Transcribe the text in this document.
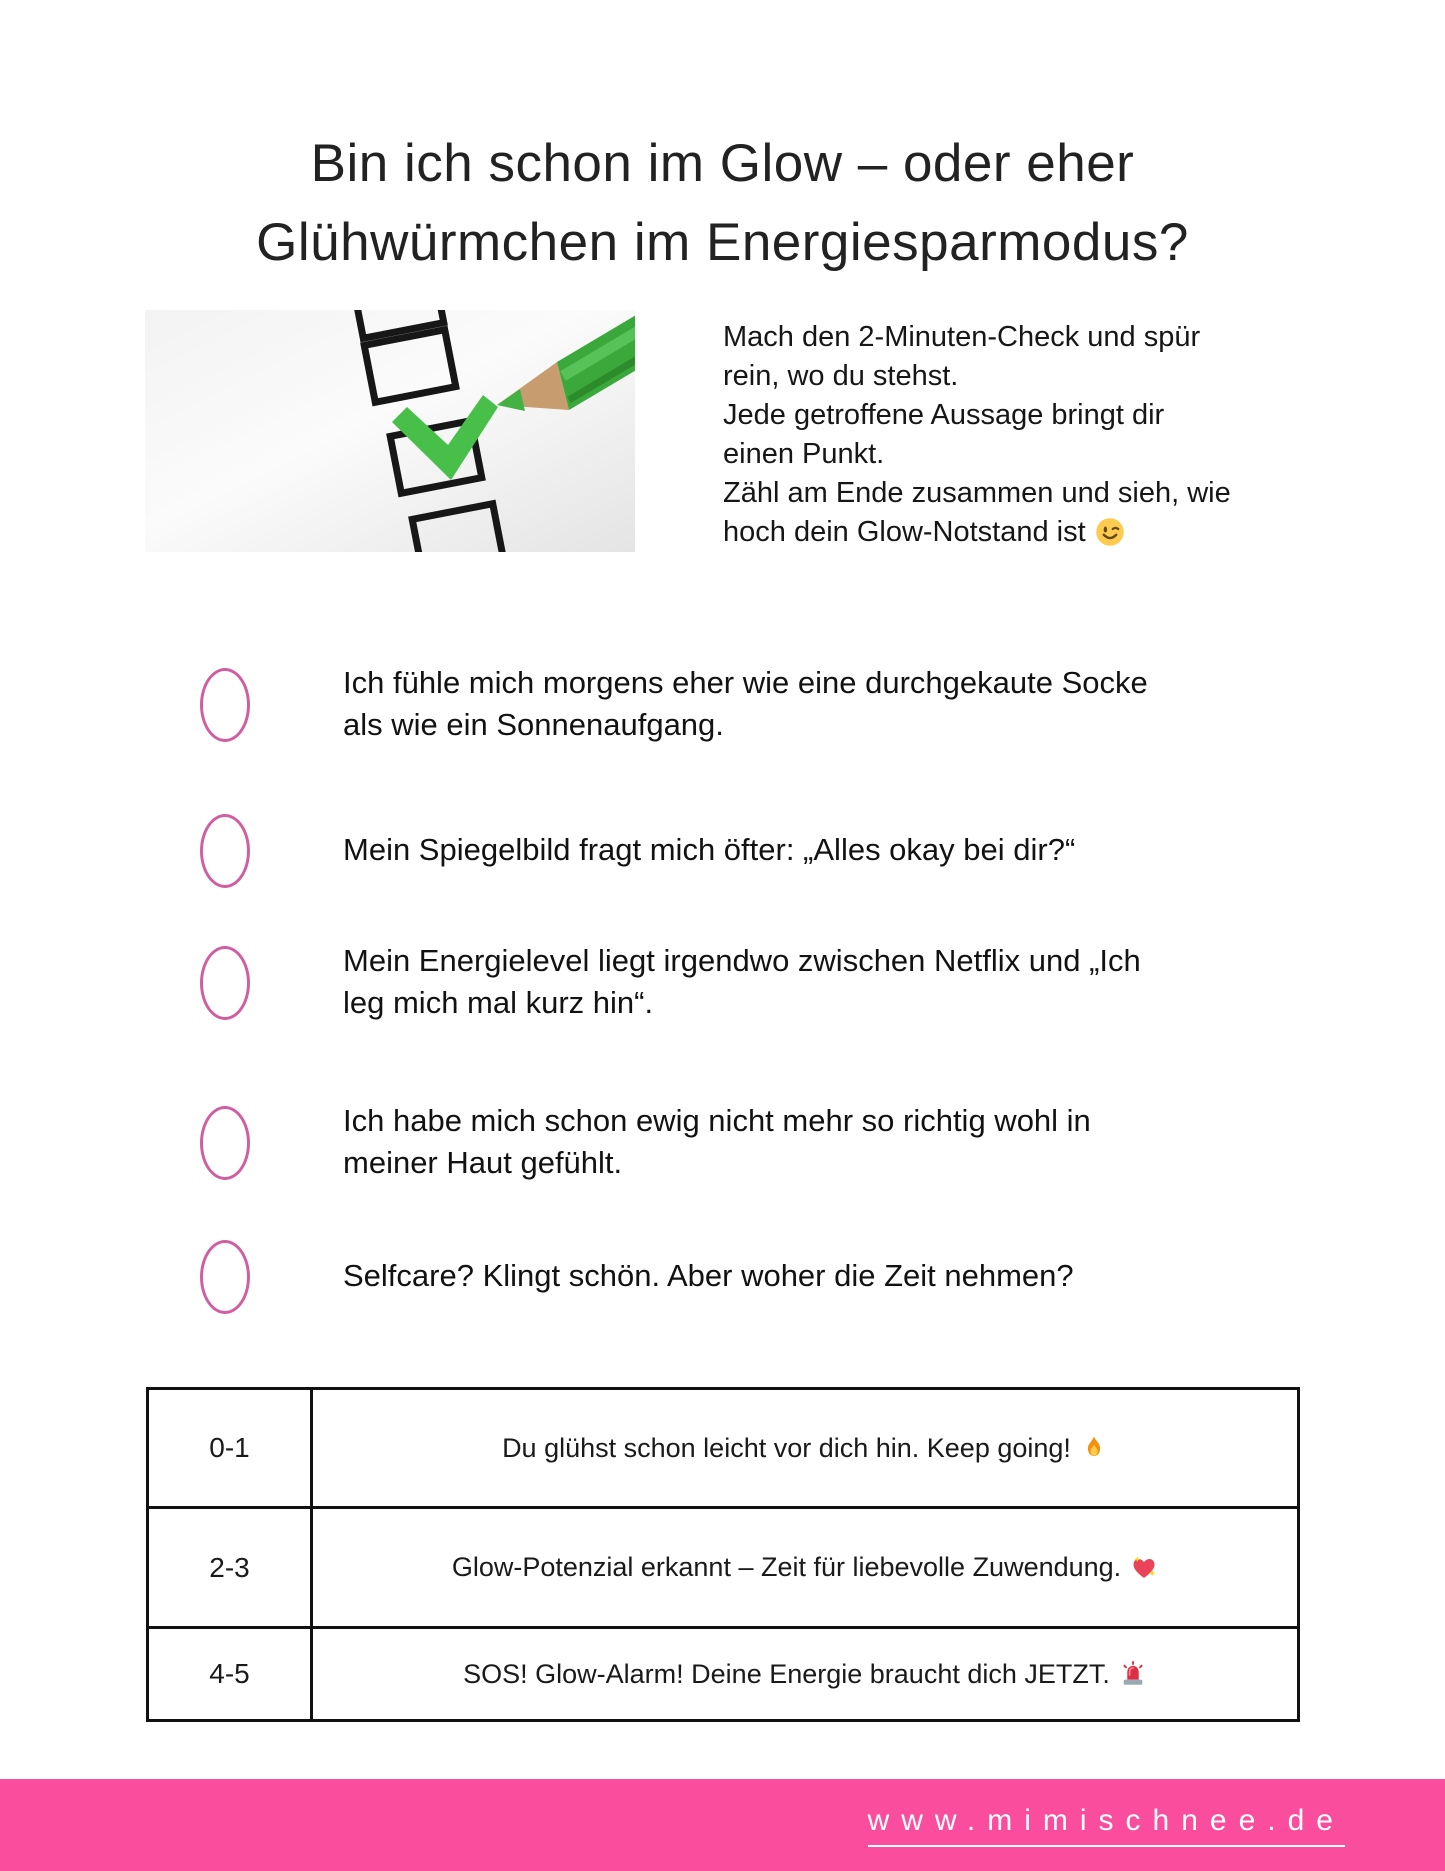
Bin ich schon im Glow – oder eher
Glühwürmchen im Energiesparmodus?
Mach den 2-Minuten-Check und spür
rein, wo du stehst.
Jede getroffene Aussage bringt dir
einen Punkt.
Zähl am Ende zusammen und sieh, wie
hoch dein Glow-Notstand ist
Ich fühle mich morgens eher wie eine durchgekaute Socke
als wie ein Sonnenaufgang.
Mein Spiegelbild fragt mich öfter: „Alles okay bei dir?“
Mein Energielevel liegt irgendwo zwischen Netflix und „Ich
leg mich mal kurz hin“.
Ich habe mich schon ewig nicht mehr so richtig wohl in
meiner Haut gefühlt.
Selfcare? Klingt schön. Aber woher die Zeit nehmen?
0-1	Du glühst schon leicht vor dich hin. Keep going!

2-3	Glow-Potenzial erkannt – Zeit für liebevolle Zuwendung.

4-5	SOS! Glow-Alarm! Deine Energie braucht dich JETZT.
www.mimischnee.de
